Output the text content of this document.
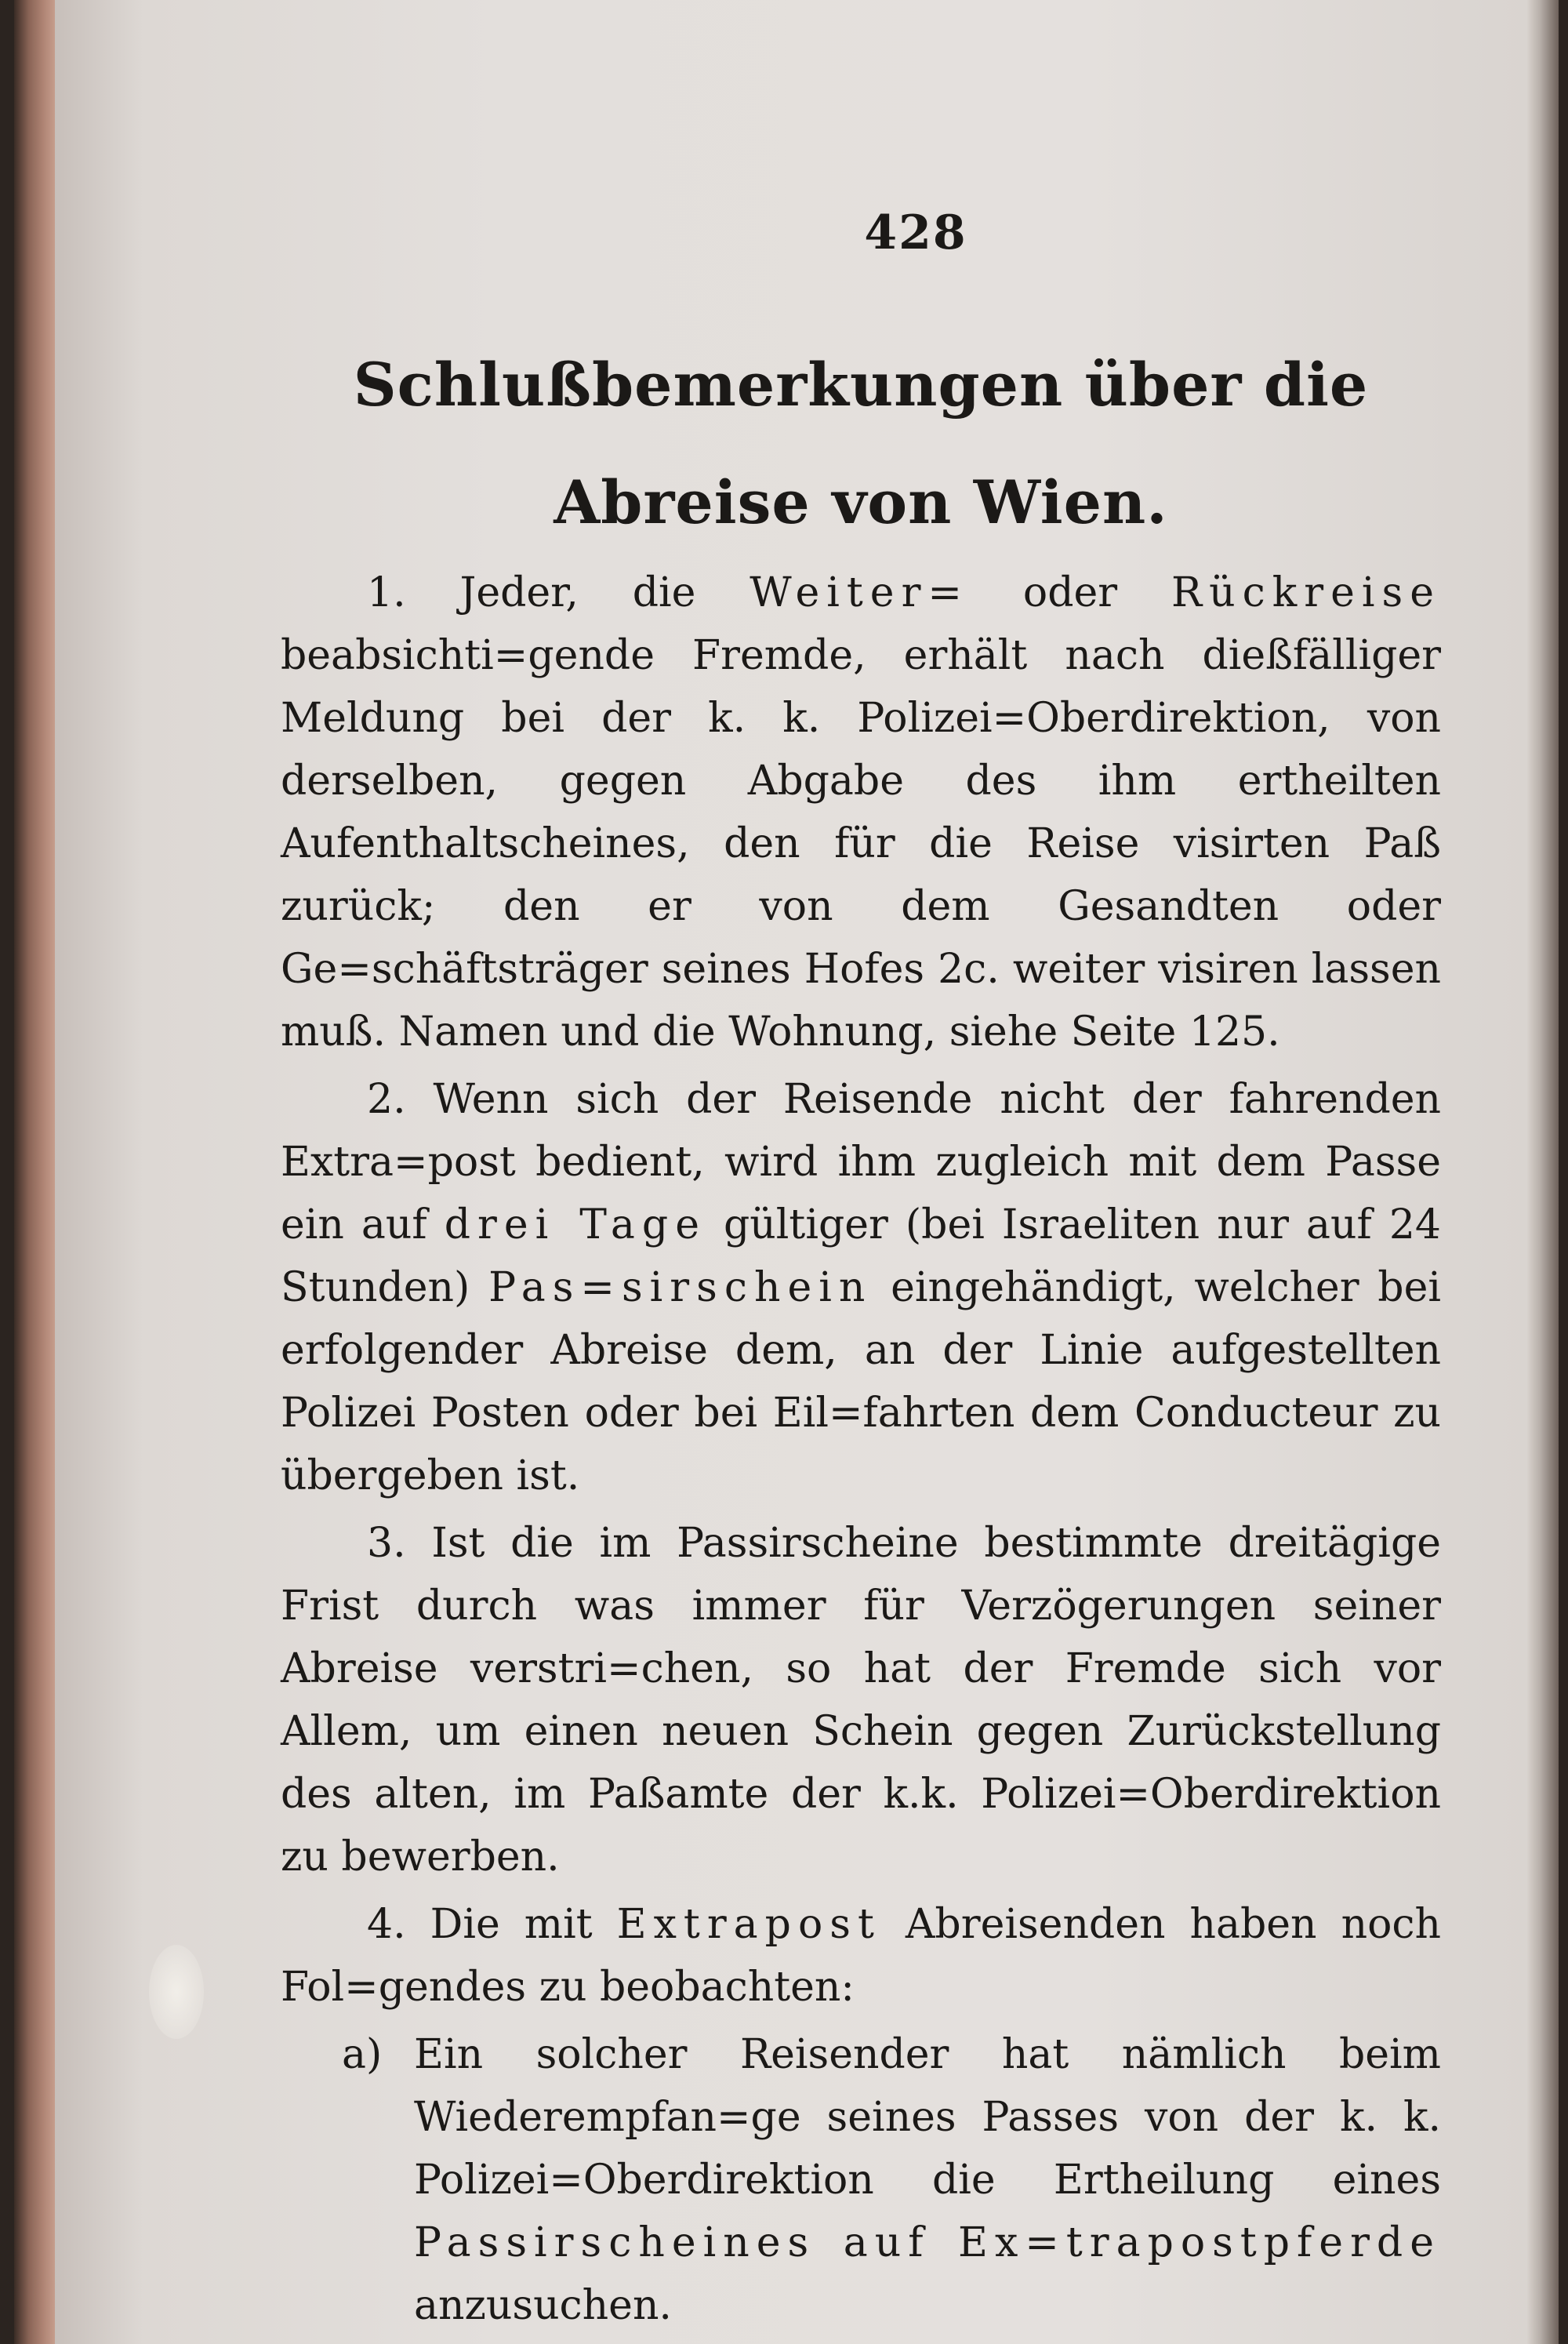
428
Schlußbemerkungen über die Abreise von Wien.

1. Jeder, die Weiter= oder Rückreise beabsichti=gende Fremde, erhält nach dießfälliger Meldung bei der k. k. Polizei=Oberdirektion, von derselben, gegen Abgabe des ihm ertheilten Aufenthaltscheines, den für die Reise visirten Paß zurück; den er von dem Gesandten oder Ge=schäftsträger seines Hofes 2c. weiter visiren lassen muß. Namen und die Wohnung, siehe Seite 125.

2. Wenn sich der Reisende nicht der fahrenden Extra=post bedient, wird ihm zugleich mit dem Passe ein auf drei Tage gültiger (bei Israeliten nur auf 24 Stunden) Pas=sirschein eingehändigt, welcher bei erfolgender Abreise dem, an der Linie aufgestellten Polizei Posten oder bei Eil=fahrten dem Conducteur zu übergeben ist.

3. Ist die im Passirscheine bestimmte dreitägige Frist durch was immer für Verzögerungen seiner Abreise verstri=chen, so hat der Fremde sich vor Allem, um einen neuen Schein gegen Zurückstellung des alten, im Paßamte der k.k. Polizei=Oberdirektion zu bewerben.

4. Die mit Extrapost Abreisenden haben noch Fol=gendes zu beobachten:

a) Ein solcher Reisender hat nämlich beim Wiederempfan=ge seines Passes von der k. k. Polizei=Oberdirektion die Ertheilung eines Passirscheines auf Ex=trapostpferde anzusuchen.
